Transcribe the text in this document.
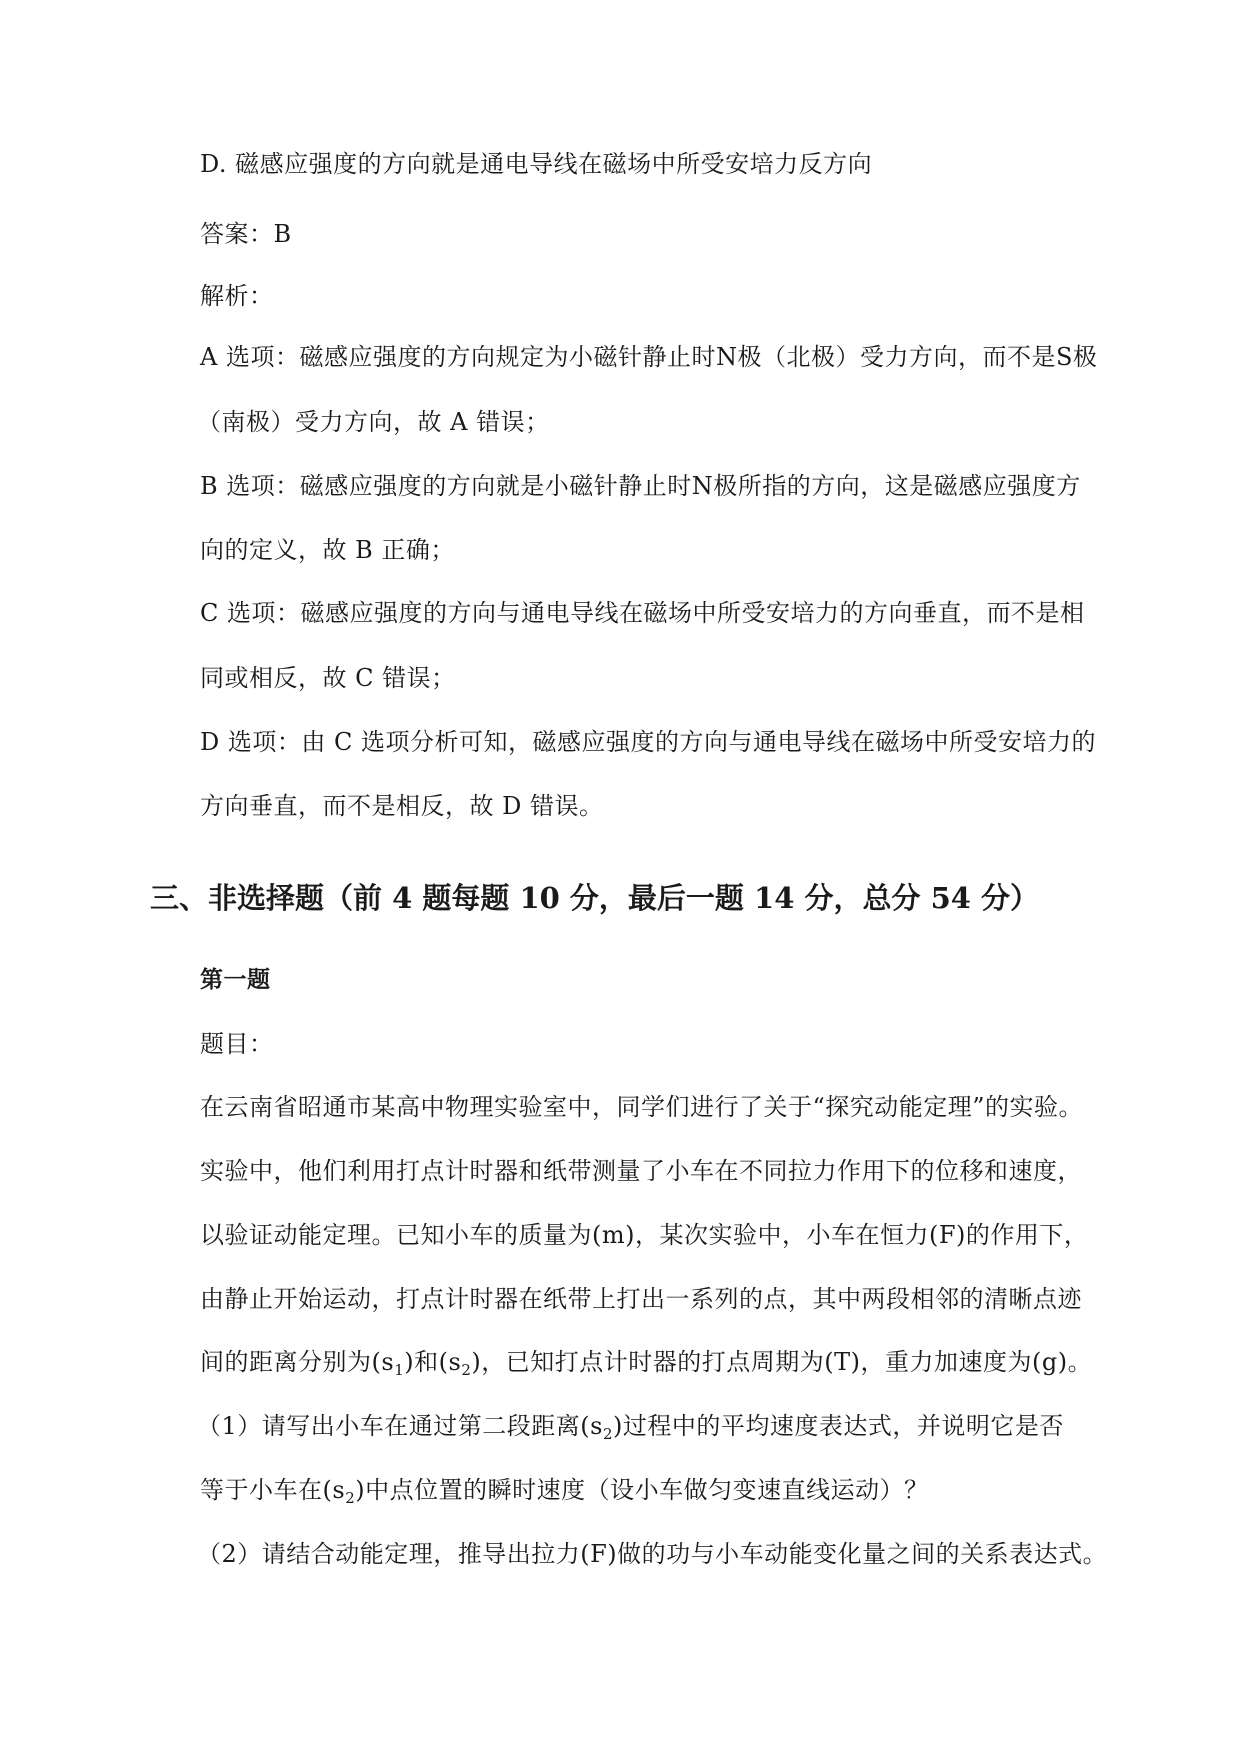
D. 磁感应强度的方向就是通电导线在磁场中所受安培力反方向
答案：B
解析：
A 选项：磁感应强度的方向规定为小磁针静止时N极（北极）受力方向，而不是S极
（南极）受力方向，故 A 错误；
B 选项：磁感应强度的方向就是小磁针静止时N极所指的方向，这是磁感应强度方
向的定义，故 B 正确；
C 选项：磁感应强度的方向与通电导线在磁场中所受安培力的方向垂直，而不是相
同或相反，故 C 错误；
D 选项：由 C 选项分析可知，磁感应强度的方向与通电导线在磁场中所受安培力的
方向垂直，而不是相反，故 D 错误。
三、非选择题（前 4 题每题 10 分，最后一题 14 分，总分 54 分）
第一题
题目：
在云南省昭通市某高中物理实验室中，同学们进行了关于“探究动能定理”的实验。
实验中，他们利用打点计时器和纸带测量了小车在不同拉力作用下的位移和速度，
以验证动能定理。已知小车的质量为(m)，某次实验中，小车在恒力(F)的作用下，
由静止开始运动，打点计时器在纸带上打出一系列的点，其中两段相邻的清晰点迹
间的距离分别为$(s_1)$和$(s_2)$，已知打点计时器的打点周期为(T)，重力加速度为(g)。
（1）请写出小车在通过第二段距离$(s_2)$过程中的平均速度表达式，并说明它是否
等于小车在$(s_2)$中点位置的瞬时速度（设小车做匀变速直线运动）？
（2）请结合动能定理，推导出拉力(F)做的功与小车动能变化量之间的关系表达式。
